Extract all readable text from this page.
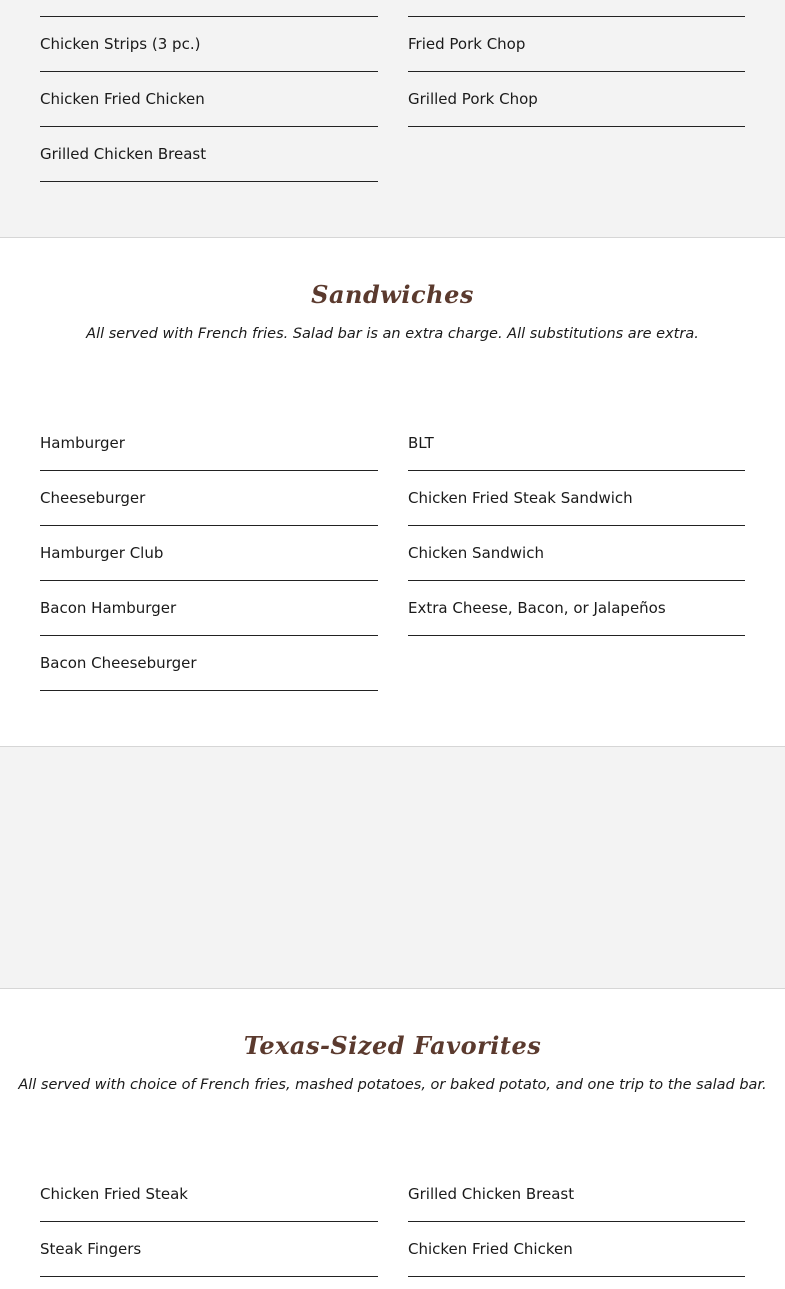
Chicken Strips (3 pc.)
Chicken Fried Chicken
Grilled Chicken Breast
Fried Pork Chop
Grilled Pork Chop
Sandwiches
All served with French fries. Salad bar is an extra charge. All substitutions are extra.
Hamburger
Cheeseburger
Hamburger Club
Bacon Hamburger
Bacon Cheeseburger
BLT
Chicken Fried Steak Sandwich
Chicken Sandwich
Extra Cheese, Bacon, or Jalapeños
Texas-Sized Favorites
All served with choice of French fries, mashed potatoes, or baked potato, and one trip to the salad bar.
Chicken Fried Steak
Steak Fingers
Grilled Chicken Breast
Chicken Fried Chicken
